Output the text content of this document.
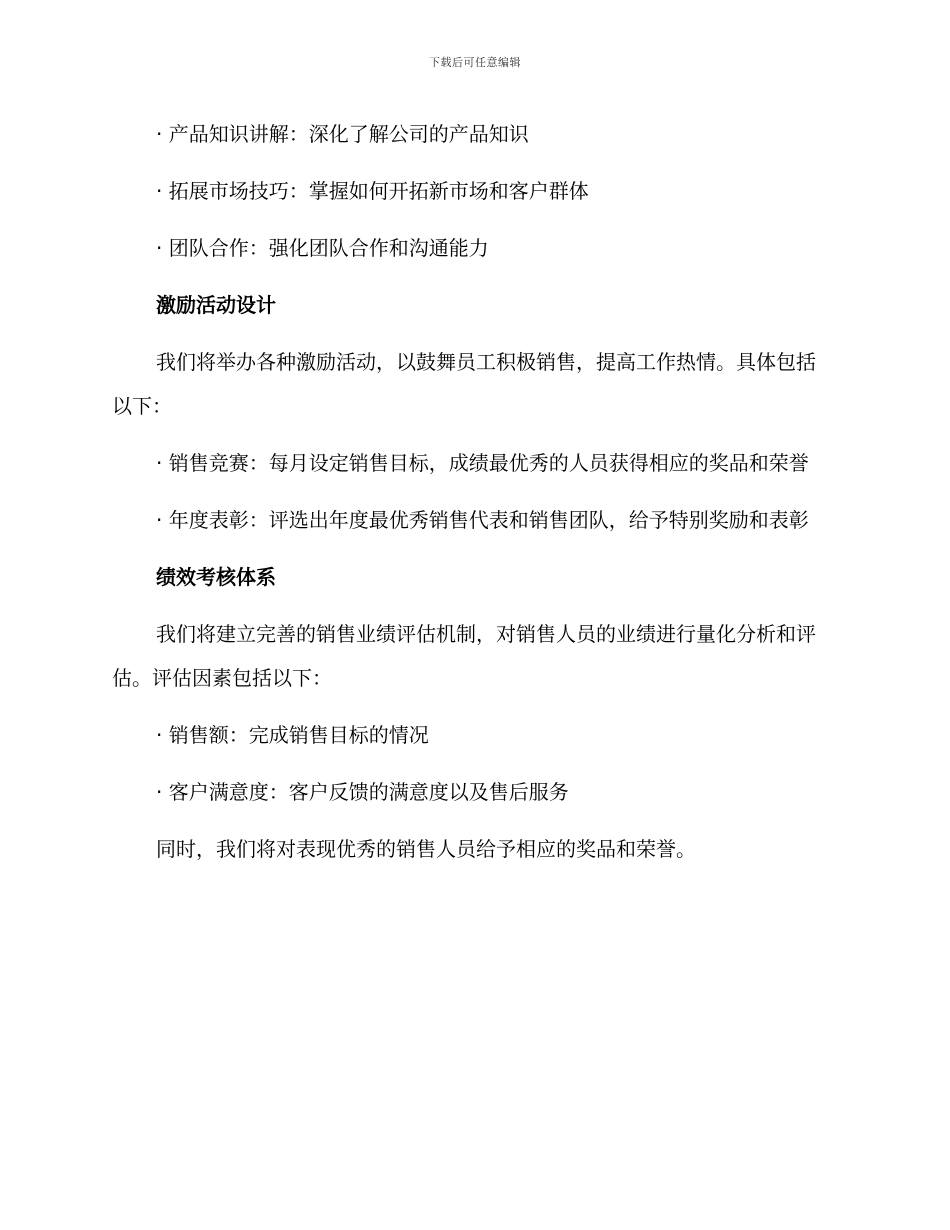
下载后可任意编辑

· 产品知识讲解：深化了解公司的产品知识

· 拓展市场技巧：掌握如何开拓新市场和客户群体

· 团队合作：强化团队合作和沟通能力

激励活动设计

我们将举办各种激励活动，以鼓舞员工积极销售，提高工作热情。具体包括以下：

· 销售竞赛：每月设定销售目标，成绩最优秀的人员获得相应的奖品和荣誉

· 年度表彰：评选出年度最优秀销售代表和销售团队，给予特别奖励和表彰

绩效考核体系

我们将建立完善的销售业绩评估机制，对销售人员的业绩进行量化分析和评估。评估因素包括以下：

· 销售额：完成销售目标的情况

· 客户满意度：客户反馈的满意度以及售后服务

同时，我们将对表现优秀的销售人员给予相应的奖品和荣誉。
